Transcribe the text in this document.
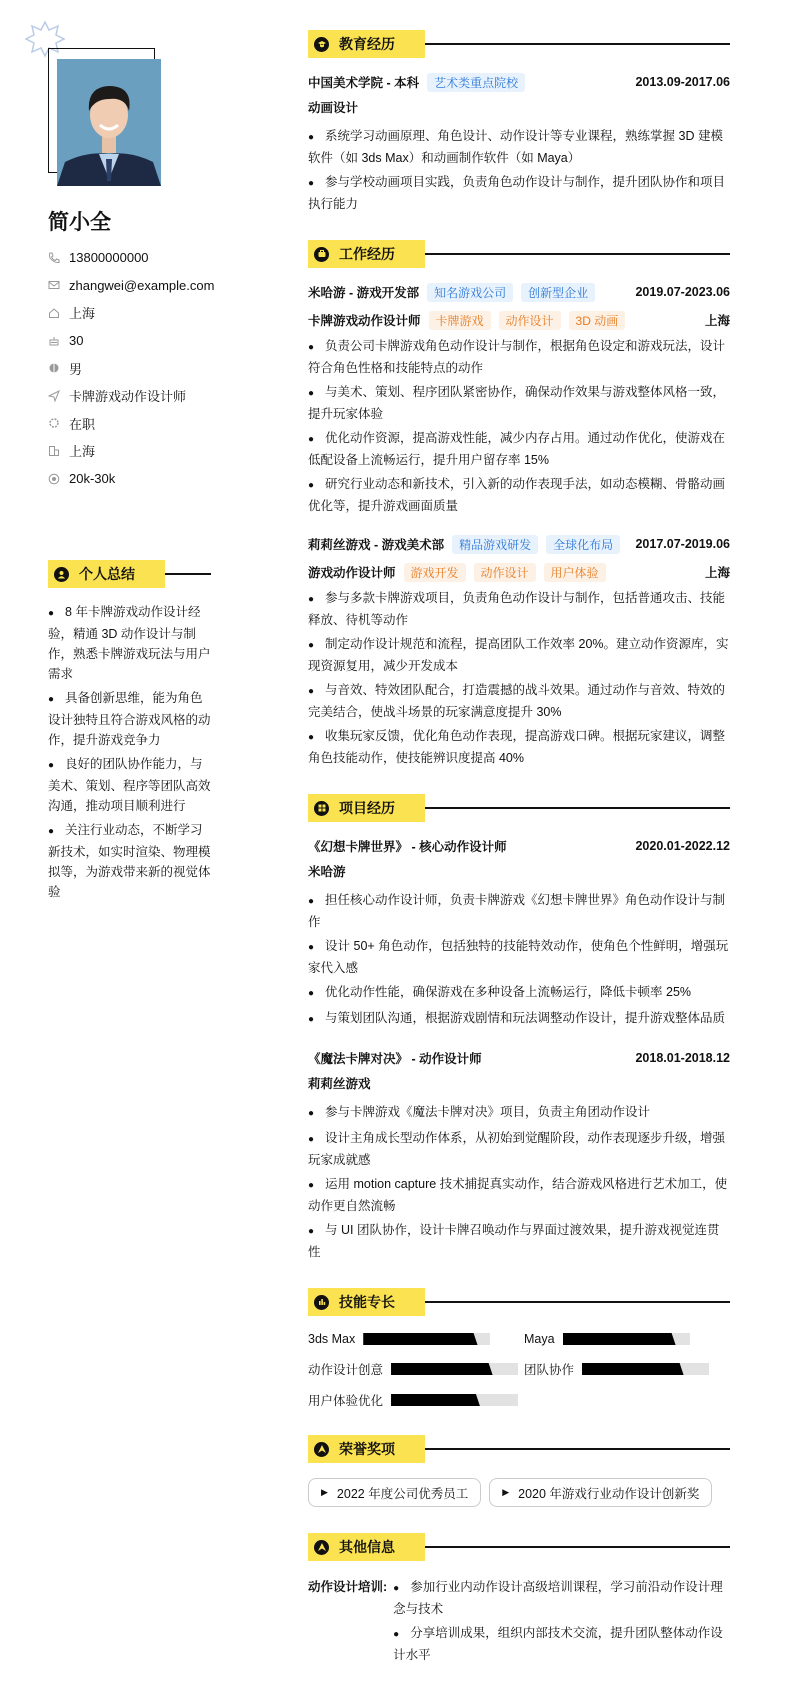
简小全
13800000000
zhangwei@example.com
上海
30
男
卡牌游戏动作设计师
在职
上海
20k-30k
个人总结
● 8 年卡牌游戏动作设计经验，精通 3D 动作设计与制作，熟悉卡牌游戏玩法与用户需求
● 具备创新思维，能为角色设计独特且符合游戏风格的动作，提升游戏竞争力
● 良好的团队协作能力，与美术、策划、程序等团队高效沟通，推动项目顺利进行
● 关注行业动态，不断学习新技术，如实时渲染、物理模拟等，为游戏带来新的视觉体验
教育经历
中国美术学院 - 本科	艺术类重点院校	2013.09-2017.06
动画设计
● 系统学习动画原理、角色设计、动作设计等专业课程，熟练掌握 3D 建模软件（如 3ds Max）和动画制作软件（如 Maya）
● 参与学校动画项目实践，负责角色动作设计与制作，提升团队协作和项目执行能力
工作经历
米哈游 - 游戏开发部	知名游戏公司	创新型企业	2019.07-2023.06
卡牌游戏动作设计师	卡牌游戏	动作设计	3D 动画	上海
● 负责公司卡牌游戏角色动作设计与制作，根据角色设定和游戏玩法，设计符合角色性格和技能特点的动作
● 与美术、策划、程序团队紧密协作，确保动作效果与游戏整体风格一致，提升玩家体验
● 优化动作资源，提高游戏性能，减少内存占用。通过动作优化，使游戏在低配设备上流畅运行，提升用户留存率 15%
● 研究行业动态和新技术，引入新的动作表现手法，如动态模糊、骨骼动画优化等，提升游戏画面质量
莉莉丝游戏 - 游戏美术部	精品游戏研发	全球化布局	2017.07-2019.06
游戏动作设计师	游戏开发	动作设计	用户体验	上海
● 参与多款卡牌游戏项目，负责角色动作设计与制作，包括普通攻击、技能释放、待机等动作
● 制定动作设计规范和流程，提高团队工作效率 20%。建立动作资源库，实现资源复用，减少开发成本
● 与音效、特效团队配合，打造震撼的战斗效果。通过动作与音效、特效的完美结合，使战斗场景的玩家满意度提升 30%
● 收集玩家反馈，优化角色动作表现，提高游戏口碑。根据玩家建议，调整角色技能动作，使技能辨识度提高 40%
项目经历
《幻想卡牌世界》 - 核心动作设计师	2020.01-2022.12
米哈游
● 担任核心动作设计师，负责卡牌游戏《幻想卡牌世界》角色动作设计与制作
● 设计 50+ 角色动作，包括独特的技能特效动作，使角色个性鲜明，增强玩家代入感
● 优化动作性能，确保游戏在多种设备上流畅运行，降低卡顿率 25%
● 与策划团队沟通，根据游戏剧情和玩法调整动作设计，提升游戏整体品质
《魔法卡牌对决》 - 动作设计师	2018.01-2018.12
莉莉丝游戏
● 参与卡牌游戏《魔法卡牌对决》项目，负责主角团动作设计
● 设计主角成长型动作体系，从初始到觉醒阶段，动作表现逐步升级，增强玩家成就感
● 运用 motion capture 技术捕捉真实动作，结合游戏风格进行艺术加工，使动作更自然流畅
● 与 UI 团队协作，设计卡牌召唤动作与界面过渡效果，提升游戏视觉连贯性
技能专长
3ds Max	Maya
动作设计创意	团队协作
用户体验优化
荣誉奖项
▶ 2022 年度公司优秀员工	▶ 2020 年游戏行业动作设计创新奖
其他信息
动作设计培训: ● 参加行业内动作设计高级培训课程，学习前沿动作设计理念与技术
● 分享培训成果，组织内部技术交流，提升团队整体动作设计水平
